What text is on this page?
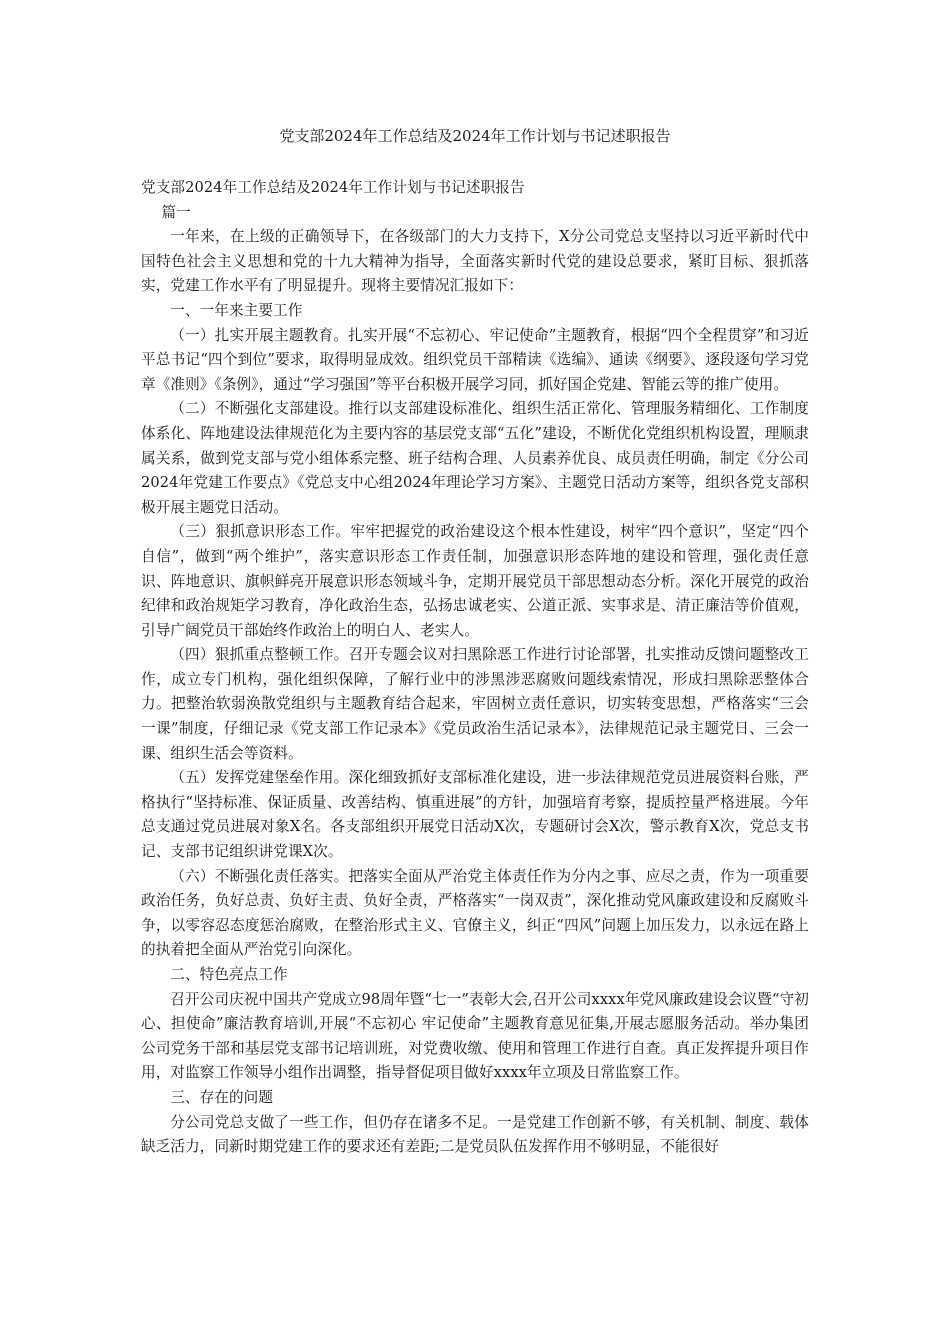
党支部2024年工作总结及2024年工作计划与书记述职报告

党支部2024年工作总结及2024年工作计划与书记述职报告

篇一

一年来，在上级的正确领导下，在各级部门的大力支持下，X分公司党总支坚持以习近平新时代中国特色社会主义思想和党的十九大精神为指导，全面落实新时代党的建设总要求，紧盯目标、狠抓落实，党建工作水平有了明显提升。现将主要情况汇报如下：

一、一年来主要工作

（一）扎实开展主题教育。扎实开展“不忘初心、牢记使命”主题教育，根据“四个全程贯穿”和习近平总书记“四个到位”要求，取得明显成效。组织党员干部精读《选编》、通读《纲要》、逐段逐句学习党章《准则》《条例》，通过“学习强国”等平台积极开展学习同，抓好国企党建、智能云等的推广使用。

（二）不断强化支部建设。推行以支部建设标准化、组织生活正常化、管理服务精细化、工作制度体系化、阵地建设法律规范化为主要内容的基层党支部“五化”建设，不断优化党组织机构设置，理顺隶属关系，做到党支部与党小组体系完整、班子结构合理、人员素养优良、成员责任明确，制定《分公司2024年党建工作要点》《党总支中心组2024年理论学习方案》、主题党日活动方案等，组织各党支部积极开展主题党日活动。

（三）狠抓意识形态工作。牢牢把握党的政治建设这个根本性建设，树牢“四个意识”，坚定“四个自信”，做到“两个维护”，落实意识形态工作责任制，加强意识形态阵地的建设和管理，强化责任意识、阵地意识、旗帜鲜亮开展意识形态领域斗争，定期开展党员干部思想动态分析。深化开展党的政治纪律和政治规矩学习教育，净化政治生态，弘扬忠诚老实、公道正派、实事求是、清正廉洁等价值观，引导广阔党员干部始终作政治上的明白人、老实人。

（四）狠抓重点整顿工作。召开专题会议对扫黑除恶工作进行讨论部署，扎实推动反馈问题整改工作，成立专门机构，强化组织保障，了解行业中的涉黑涉恶腐败问题线索情况，形成扫黑除恶整体合力。把整治软弱涣散党组织与主题教育结合起来，牢固树立责任意识，切实转变思想，严格落实“三会一课”制度，仔细记录《党支部工作记录本》《党员政治生活记录本》，法律规范记录主题党日、三会一课、组织生活会等资料。

（五）发挥党建堡垒作用。深化细致抓好支部标准化建设，进一步法律规范党员进展资料台账，严格执行“坚持标准、保证质量、改善结构、慎重进展”的方针，加强培育考察，提质控量严格进展。今年总支通过党员进展对象X名。各支部组织开展党日活动X次，专题研讨会X次，警示教育X次，党总支书记、支部书记组织讲党课X次。

（六）不断强化责任落实。把落实全面从严治党主体责任作为分内之事、应尽之责，作为一项重要政治任务，负好总责、负好主责、负好全责，严格落实“一岗双责”，深化推动党风廉政建设和反腐败斗争，以零容忍态度惩治腐败，在整治形式主义、官僚主义，纠正“四风”问题上加压发力，以永远在路上的执着把全面从严治党引向深化。

二、特色亮点工作

召开公司庆祝中国共产党成立98周年暨“七一”表彰大会,召开公司xxxx年党风廉政建设会议暨“守初心、担使命”廉洁教育培训,开展“不忘初心 牢记使命”主题教育意见征集,开展志愿服务活动。举办集团公司党务干部和基层党支部书记培训班，对党费收缴、使用和管理工作进行自查。真正发挥提升项目作用，对监察工作领导小组作出调整，指导督促项目做好xxxx年立项及日常监察工作。

三、存在的问题

分公司党总支做了一些工作，但仍存在诸多不足。一是党建工作创新不够，有关机制、制度、载体缺乏活力，同新时期党建工作的要求还有差距;二是党员队伍发挥作用不够明显，不能很好
